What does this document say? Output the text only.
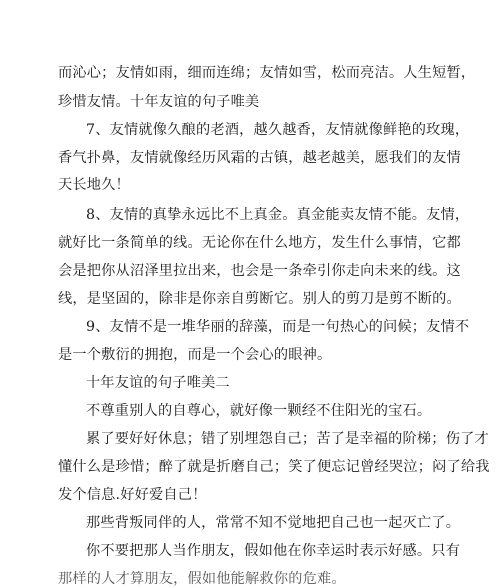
而沁心；友情如雨，细而连绵；友情如雪，松而亮洁。人生短暂，
珍惜友情。十年友谊的句子唯美
7、友情就像久酿的老酒，越久越香，友情就像鲜艳的玫瑰，
香气扑鼻，友情就像经历风霜的古镇，越老越美，愿我们的友情
天长地久！
8、友情的真挚永远比不上真金。真金能卖友情不能。友情，
就好比一条简单的线。无论你在什么地方，发生什么事情，它都
会是把你从沼泽里拉出来，也会是一条牵引你走向未来的线。这
线，是坚固的，除非是你亲自剪断它。别人的剪刀是剪不断的。
9、友情不是一堆华丽的辞藻，而是一句热心的问候；友情不
是一个敷衍的拥抱，而是一个会心的眼神。
十年友谊的句子唯美二
不尊重别人的自尊心，就好像一颗经不住阳光的宝石。
累了要好好休息；错了别埋怨自己；苦了是幸福的阶梯；伤了才
懂什么是珍惜；醉了就是折磨自己；笑了便忘记曾经哭泣；闷了给我
发个信息.好好爱自己！
那些背叛同伴的人，常常不知不觉地把自己也一起灭亡了。
你不要把那人当作朋友，假如他在你幸运时表示好感。只有
那样的人才算朋友，假如他能解救你的危难。
